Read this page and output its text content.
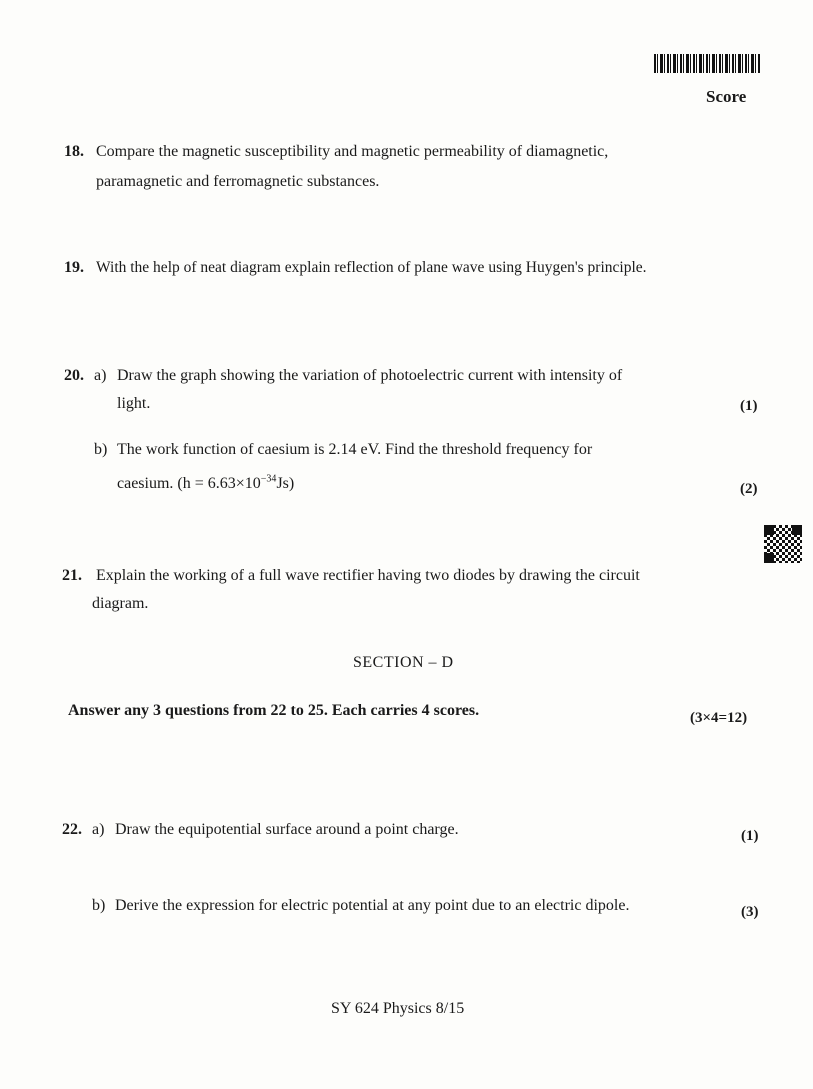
Score
18. Compare the magnetic susceptibility and magnetic permeability of diamagnetic,
paramagnetic and ferromagnetic substances.
19. With the help of neat diagram explain reflection of plane wave using Huygen's principle.
20. a) Draw the graph showing the variation of photoelectric current with intensity of
light.	(1)
b) The work function of caesium is 2.14 eV. Find the threshold frequency for
caesium. $(h = 6.63\times 10^{-34}Js)$	(2)
21. Explain the working of a full wave rectifier having two diodes by drawing the circuit
diagram.
SECTION – D
Answer any 3 questions from 22 to 25. Each carries 4 scores.	(3×4=12)
22. a) Draw the equipotential surface around a point charge.	(1)
b) Derive the expression for electric potential at any point due to an electric dipole.	(3)
SY 624 Physics 8/15
